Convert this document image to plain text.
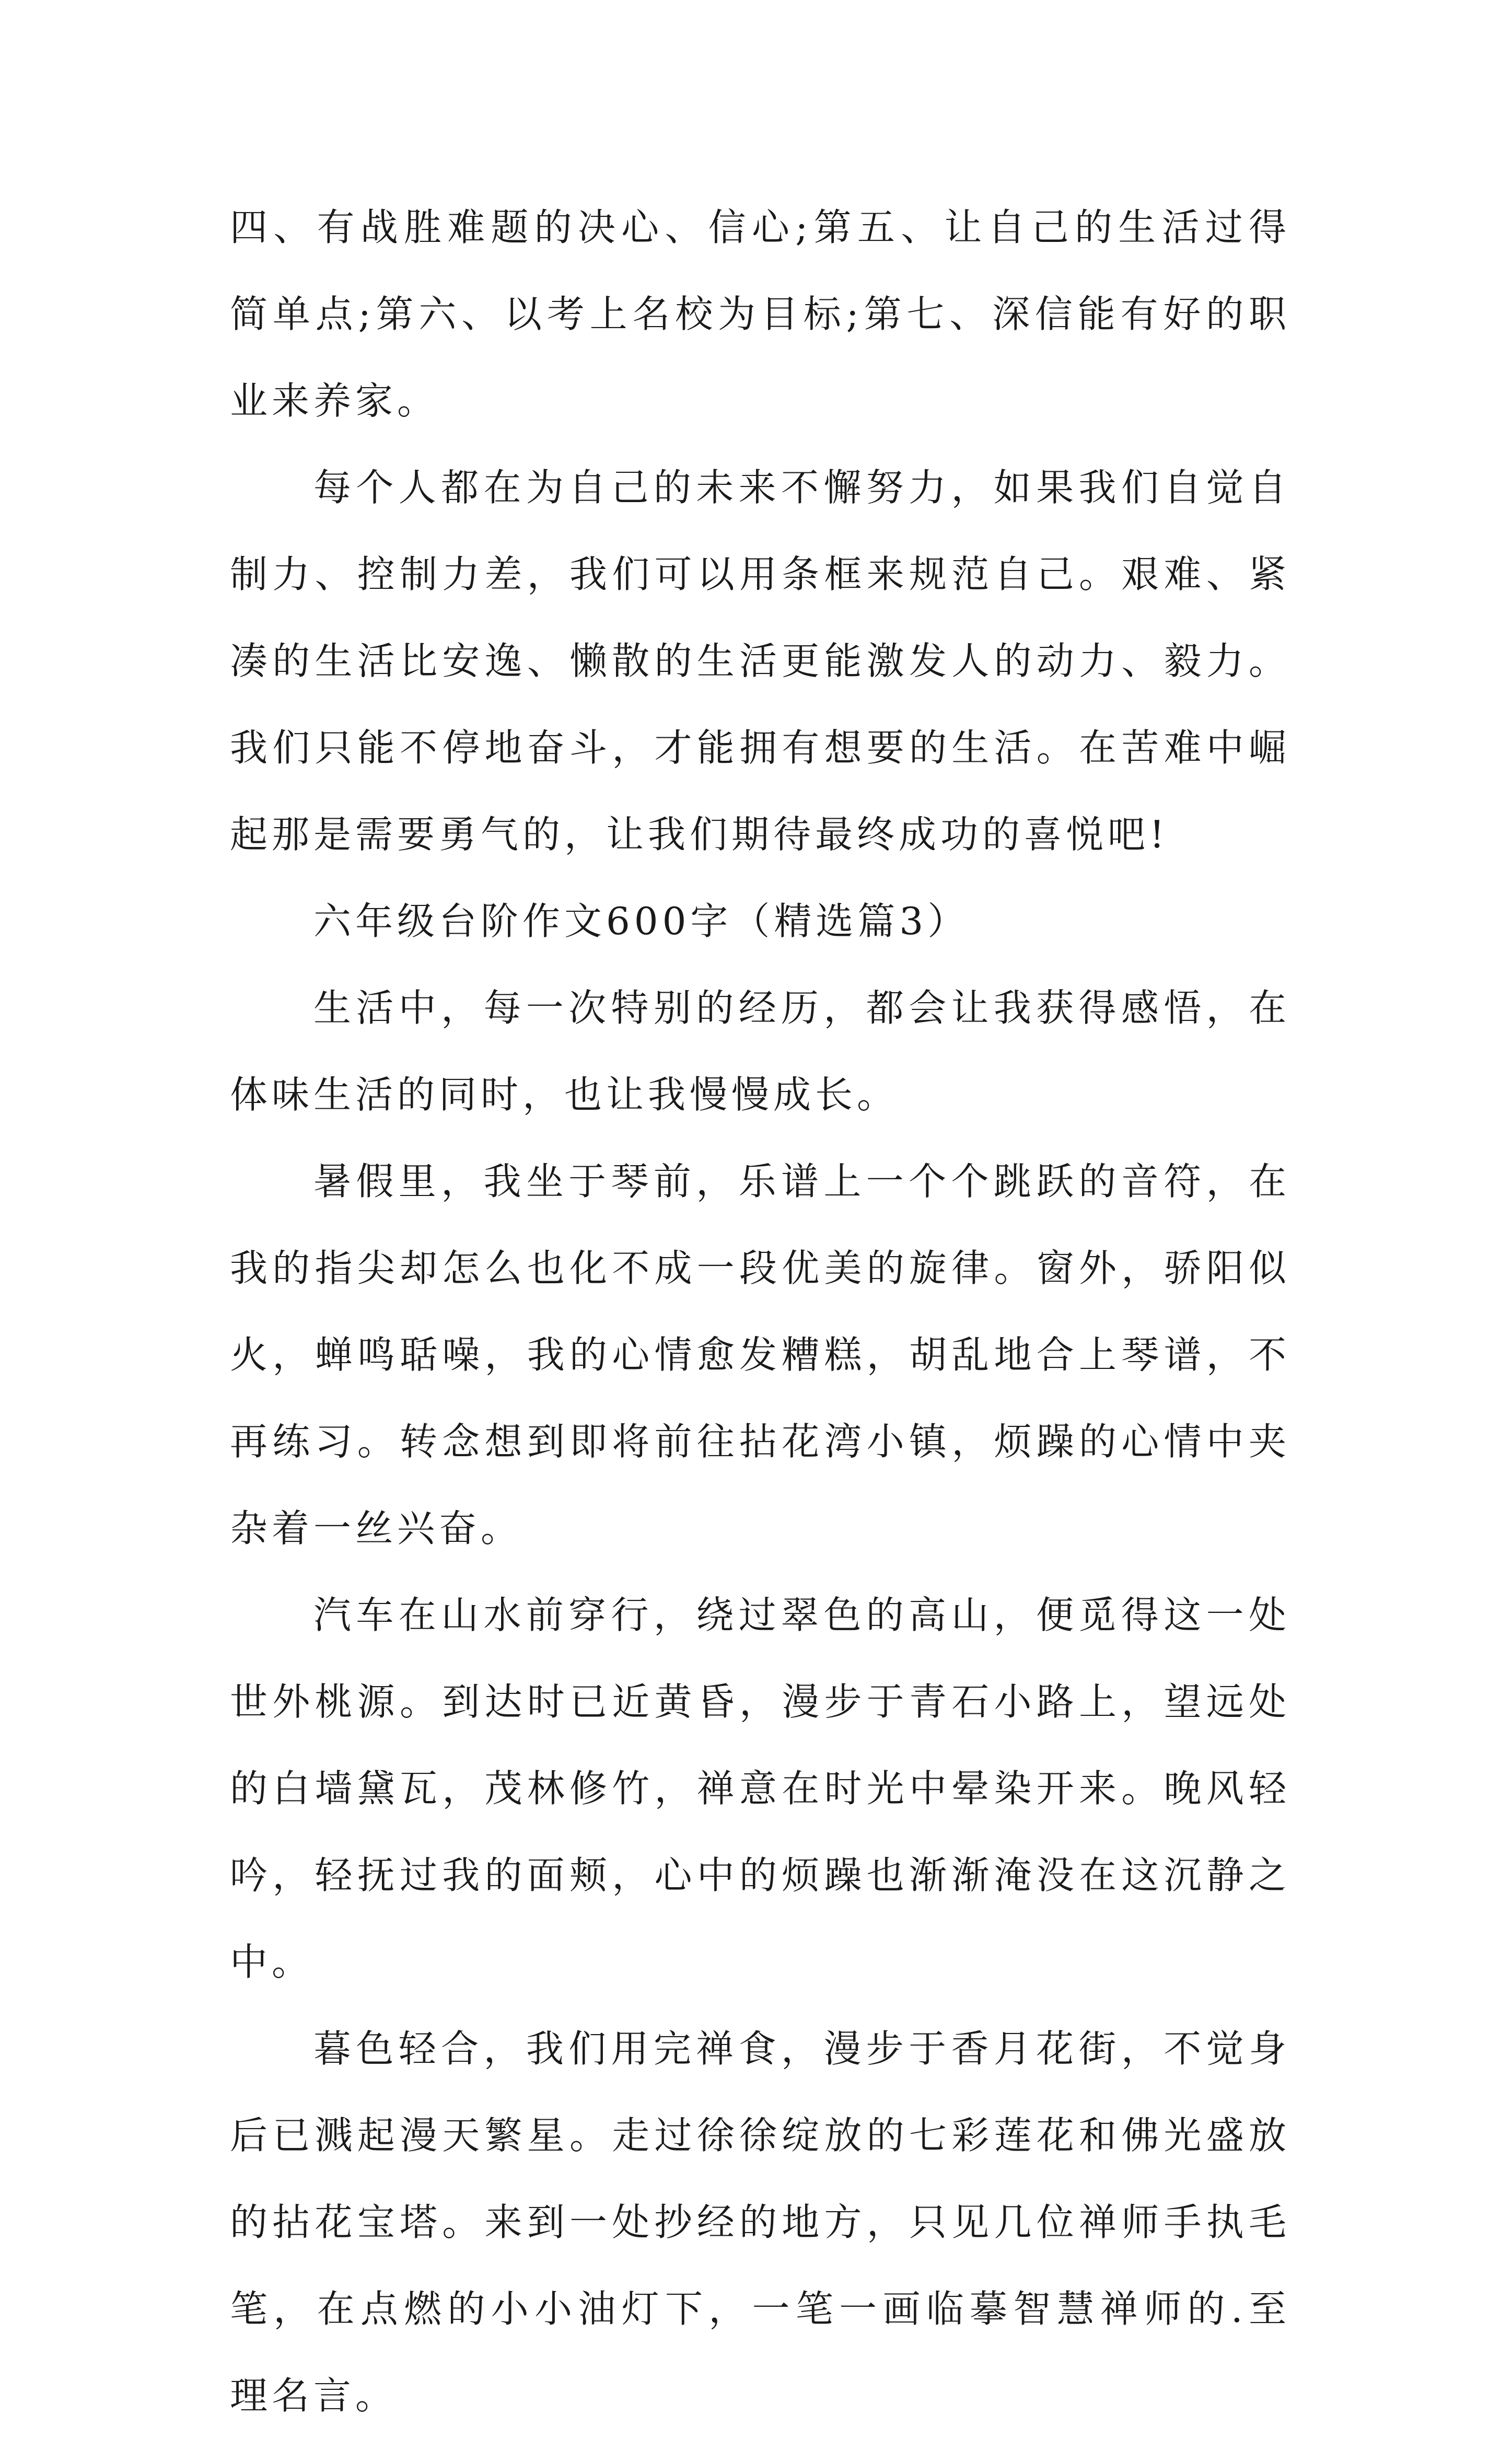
四、有战胜难题的决心、信心;第五、让自己的生活过得简单点;第六、以考上名校为目标;第七、深信能有好的职业来养家。

每个人都在为自己的未来不懈努力，如果我们自觉自制力、控制力差，我们可以用条框来规范自己。艰难、紧凑的生活比安逸、懒散的生活更能激发人的动力、毅力。我们只能不停地奋斗，才能拥有想要的生活。在苦难中崛起那是需要勇气的，让我们期待最终成功的喜悦吧!

六年级台阶作文600字（精选篇3）

生活中，每一次特别的经历，都会让我获得感悟，在体味生活的同时，也让我慢慢成长。

暑假里，我坐于琴前，乐谱上一个个跳跃的音符，在我的指尖却怎么也化不成一段优美的旋律。窗外，骄阳似火，蝉鸣聒噪，我的心情愈发糟糕，胡乱地合上琴谱，不再练习。转念想到即将前往拈花湾小镇，烦躁的心情中夹杂着一丝兴奋。

汽车在山水前穿行，绕过翠色的高山，便觅得这一处世外桃源。到达时已近黄昏，漫步于青石小路上，望远处的白墙黛瓦，茂林修竹，禅意在时光中晕染开来。晚风轻吟，轻抚过我的面颊，心中的烦躁也渐渐淹没在这沉静之中。

暮色轻合，我们用完禅食，漫步于香月花街，不觉身后已溅起漫天繁星。走过徐徐绽放的七彩莲花和佛光盛放的拈花宝塔。来到一处抄经的地方，只见几位禅师手执毛笔，在点燃的小小油灯下，一笔一画临摹智慧禅师的.至理名言。
